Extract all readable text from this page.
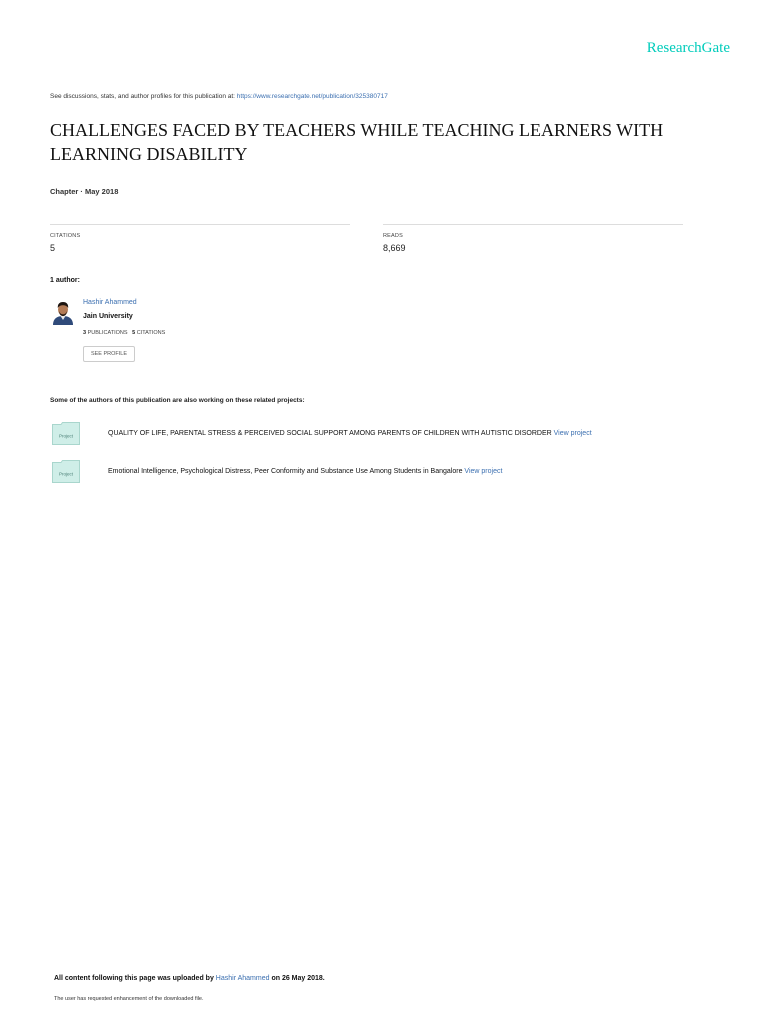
ResearchGate
See discussions, stats, and author profiles for this publication at: https://www.researchgate.net/publication/325380717
CHALLENGES FACED BY TEACHERS WHILE TEACHING LEARNERS WITH LEARNING DISABILITY
Chapter · May 2018
CITATIONS
5
READS
8,669
1 author:
Hashir Ahammed
Jain University
3 PUBLICATIONS 5 CITATIONS
SEE PROFILE
Some of the authors of this publication are also working on these related projects:
Project	QUALITY OF LIFE, PARENTAL STRESS & PERCEIVED SOCIAL SUPPORT AMONG PARENTS OF CHILDREN WITH AUTISTIC DISORDER View project
Project	Emotional Intelligence, Psychological Distress, Peer Conformity and Substance Use Among Students in Bangalore View project
All content following this page was uploaded by Hashir Ahammed on 26 May 2018.
The user has requested enhancement of the downloaded file.
